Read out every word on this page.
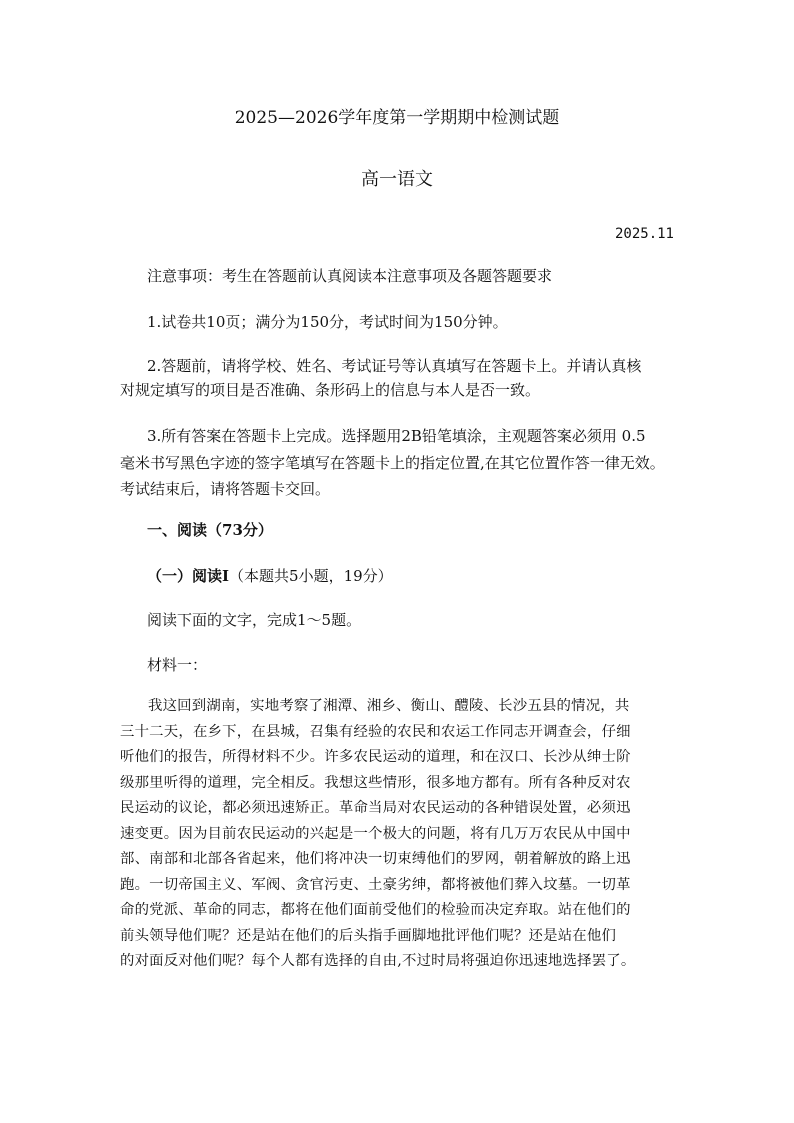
2025—2026学年度第一学期期中检测试题
高一语文
2025.11
注意事项：考生在答题前认真阅读本注意事项及各题答题要求
1.试卷共10页；满分为150分，考试时间为150分钟。
2.答题前，请将学校、姓名、考试证号等认真填写在答题卡上。并请认真核
对规定填写的项目是否准确、条形码上的信息与本人是否一致。
3.所有答案在答题卡上完成。选择题用2B铅笔填涂，主观题答案必须用 0.5
毫米书写黑色字迹的签字笔填写在答题卡上的指定位置,在其它位置作答一律无效。
考试结束后，请将答题卡交回。
一、阅读（73分）
（一）阅读Ⅰ（本题共5小题，19分）
阅读下面的文字，完成1～5题。
材料一：
我这回到湖南，实地考察了湘潭、湘乡、衡山、醴陵、长沙五县的情况，共
三十二天，在乡下，在县城，召集有经验的农民和农运工作同志开调查会，仔细
听他们的报告，所得材料不少。许多农民运动的道理，和在汉口、长沙从绅士阶
级那里听得的道理，完全相反。我想这些情形，很多地方都有。所有各种反对农
民运动的议论，都必须迅速矫正。革命当局对农民运动的各种错误处置，必须迅
速变更。因为目前农民运动的兴起是一个极大的问题，将有几万万农民从中国中
部、南部和北部各省起来，他们将冲决一切束缚他们的罗网，朝着解放的路上迅
跑。一切帝国主义、军阀、贪官污吏、土豪劣绅，都将被他们葬入坟墓。一切革
命的党派、革命的同志，都将在他们面前受他们的检验而决定弃取。站在他们的
前头领导他们呢？还是站在他们的后头指手画脚地批评他们呢？还是站在他们
的对面反对他们呢？每个人都有选择的自由,不过时局将强迫你迅速地选择罢了。
